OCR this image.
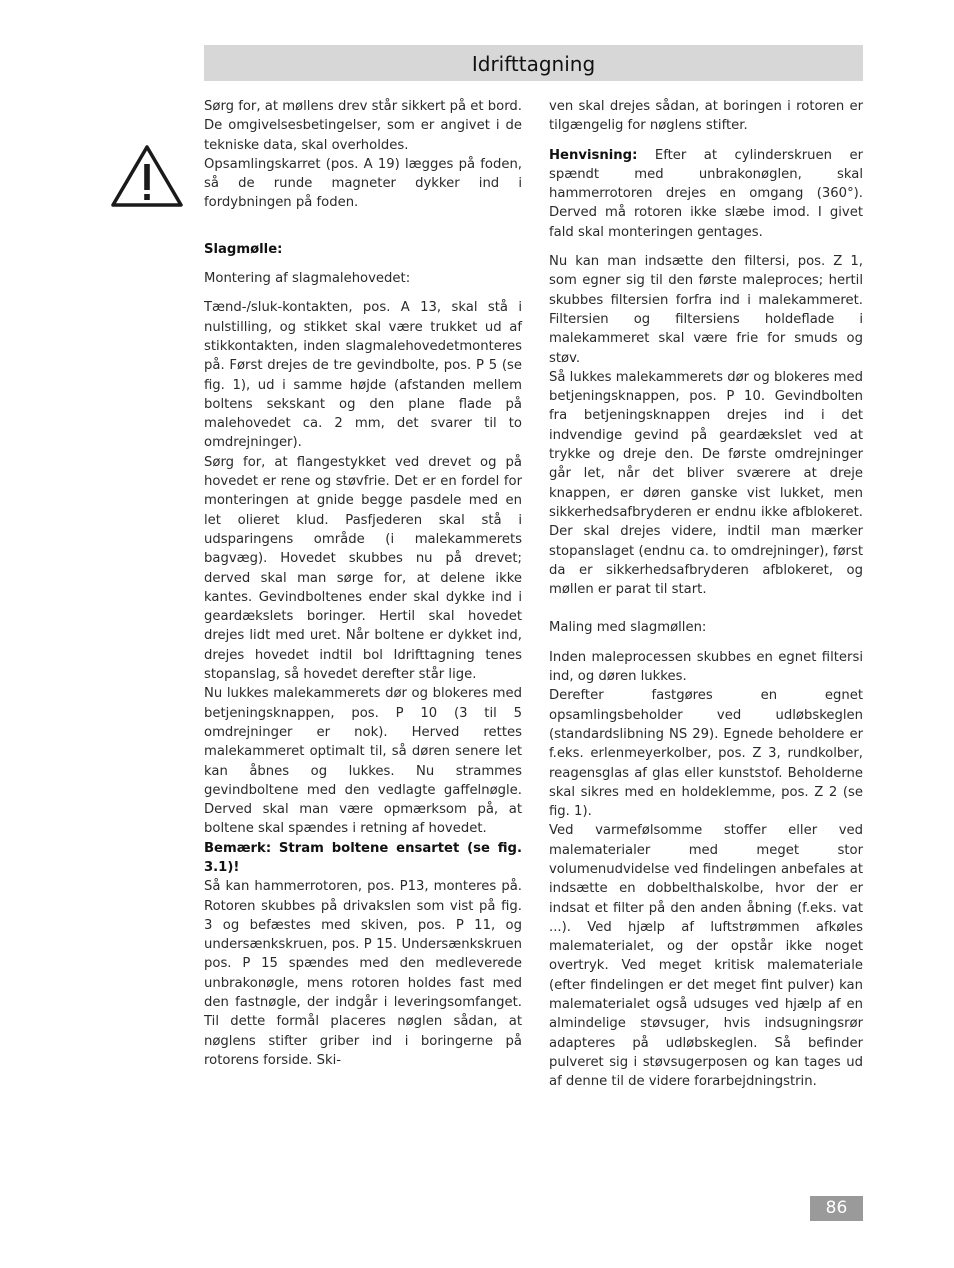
Idrifttagning

Sørg for, at møllens drev står sikkert på et bord. De omgivelsesbetingelser, som er angivet i de tekniske data, skal overholdes.

Opsamlingskarret (pos. A 19) lægges på foden, så de runde magneter dykker ind i fordybningen på foden.

Slagmølle:

Montering af slagmalehovedet:

Tænd-/sluk-kontakten, pos. A 13, skal stå i nulstilling, og stikket skal være trukket ud af stikkontakten, inden slagmalehovedetmonteres på. Først drejes de tre gevindbolte, pos. P 5 (se fig. 1), ud i samme højde (afstanden mellem boltens sekskant og den plane flade på malehovedet ca. 2 mm, det svarer til to omdrejninger).

Sørg for, at flangestykket ved drevet og på hovedet er rene og støvfrie. Det er en fordel for monteringen at gnide begge pasdele med en let olieret klud. Pasfjederen skal stå i udsparingens område (i malekammerets bagvæg). Hovedet skubbes nu på drevet; derved skal man sørge for, at delene ikke kantes. Gevindboltenes ender skal dykke ind i geardækslets boringer. Hertil skal hovedet drejes lidt med uret. Når boltene er dykket ind, drejes hovedet indtil bol Idrifttagning tenes stopanslag, så hovedet derefter står lige.

Nu lukkes malekammerets dør og blokeres med betjeningsknappen, pos. P 10 (3 til 5 omdrejninger er nok). Herved rettes malekammeret optimalt til, så døren senere let kan åbnes og lukkes. Nu strammes gevindboltene med den vedlagte gaffelnøgle. Derved skal man være opmærksom på, at boltene skal spændes i retning af hovedet.

Bemærk: Stram boltene ensartet (se fig. 3.1)!

Så kan hammerrotoren, pos. P13, monteres på. Rotoren skubbes på drivakslen som vist på fig. 3 og befæstes med skiven, pos. P 11, og undersænkskruen, pos. P 15. Undersænkskruen pos. P 15 spændes med den medleverede unbrakonøgle, mens rotoren holdes fast med den fastnøgle, der indgår i leveringsomfanget. Til dette formål placeres nøglen sådan, at nøglens stifter griber ind i boringerne på rotorens forside. Ski-

ven skal drejes sådan, at boringen i rotoren er tilgængelig for nøglens stifter.

Henvisning: Efter at cylinderskruen er spændt med unbrakonøglen, skal hammerrotoren drejes en omgang (360°). Derved må rotoren ikke slæbe imod. I givet fald skal monteringen gentages.

Nu kan man indsætte den filtersi, pos. Z 1, som egner sig til den første maleproces; hertil skubbes filtersien forfra ind i malekammeret. Filtersien og filtersiens holdeflade i malekammeret skal være frie for smuds og støv.

Så lukkes malekammerets dør og blokeres med betjeningsknappen, pos. P 10. Gevindbolten fra betjeningsknappen drejes ind i det indvendige gevind på geardækslet ved at trykke og dreje den. De første omdrejninger går let, når det bliver sværere at dreje knappen, er døren ganske vist lukket, men sikkerhedsafbryderen er endnu ikke afblokeret. Der skal drejes videre, indtil man mærker stopanslaget (endnu ca. to omdrejninger), først da er sikkerhedsafbryderen afblokeret, og møllen er parat til start.

Maling med slagmøllen:

Inden maleprocessen skubbes en egnet filtersi ind, og døren lukkes.

Derefter fastgøres en egnet opsamlingsbeholder ved udløbskeglen (standardslibning NS 29). Egnede beholdere er f.eks. erlenmeyerkolber, pos. Z 3, rundkolber, reagensglas af glas eller kunststof. Beholderne skal sikres med en holdeklemme, pos. Z 2 (se fig. 1).

Ved varmefølsomme stoffer eller ved malematerialer med meget stor volumenudvidelse ved findelingen anbefales at indsætte en dobbelthalskolbe, hvor der er indsat et filter på den anden åbning (f.eks. vat ...). Ved hjælp af luftstrømmen afkøles malematerialet, og der opstår ikke noget overtryk. Ved meget kritisk malemateriale (efter findelingen er det meget fint pulver) kan malematerialet også udsuges ved hjælp af en almindelige støvsuger, hvis indsugningsrør adapteres på udløbskeglen. Så befinder pulveret sig i støvsugerposen og kan tages ud af denne til de videre forarbejdningstrin.

86
